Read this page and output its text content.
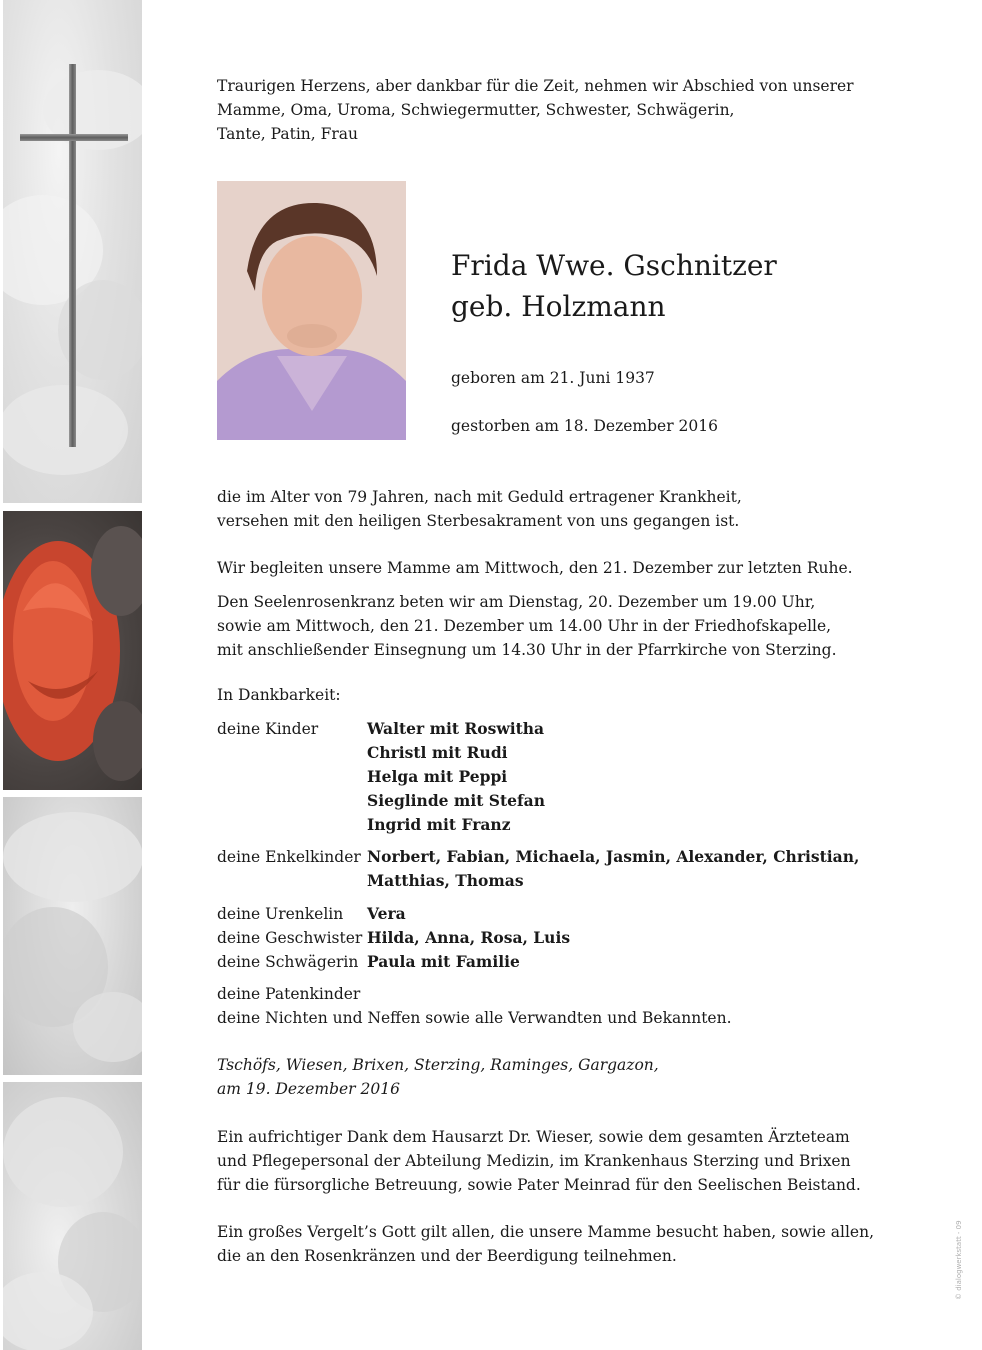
Traurigen Herzens, aber dankbar für die Zeit, nehmen wir Abschied von unserer
Mamme, Oma, Uroma, Schwiegermutter, Schwester, Schwägerin,
Tante, Patin, Frau
Frida Wwe. Gschnitzer
geb. Holzmann

geboren am 21. Juni 1937

gestorben am 18. Dezember 2016

die im Alter von 79 Jahren, nach mit Geduld ertragener Krankheit,
versehen mit den heiligen Sterbesakrament von uns gegangen ist.
Wir begleiten unsere Mamme am Mittwoch, den 21. Dezember zur letzten Ruhe.
Den Seelenrosenkranz beten wir am Dienstag, 20. Dezember um 19.00 Uhr,
sowie am Mittwoch, den 21. Dezember um 14.00 Uhr in der Friedhofskapelle,
mit anschließender Einsegnung um 14.30 Uhr in der Pfarrkirche von Sterzing.
In Dankbarkeit:
deine Kinder	Walter mit Roswitha
Christl mit Rudi
Helga mit Peppi
Sieglinde mit Stefan
Ingrid mit Franz
deine Enkelkinder Norbert, Fabian, Michaela, Jasmin, Alexander, Christian,
Matthias, Thomas
deine Urenkelin Vera
deine Geschwister Hilda, Anna, Rosa, Luis
deine Schwägerin Paula mit Familie
deine Patenkinder
deine Nichten und Neffen sowie alle Verwandten und Bekannten.
Tschöfs, Wiesen, Brixen, Sterzing, Raminges, Gargazon,
am 19. Dezember 2016
Ein aufrichtiger Dank dem Hausarzt Dr. Wieser, sowie dem gesamten Ärzteteam
und Pflegepersonal der Abteilung Medizin, im Krankenhaus Sterzing und Brixen
für die fürsorgliche Betreuung, sowie Pater Meinrad für den Seelischen Beistand.
Ein großes Vergelt’s Gott gilt allen, die unsere Mamme besucht haben, sowie allen,
die an den Rosenkränzen und der Beerdigung teilnehmen.	© dialogwerkstatt - 09
